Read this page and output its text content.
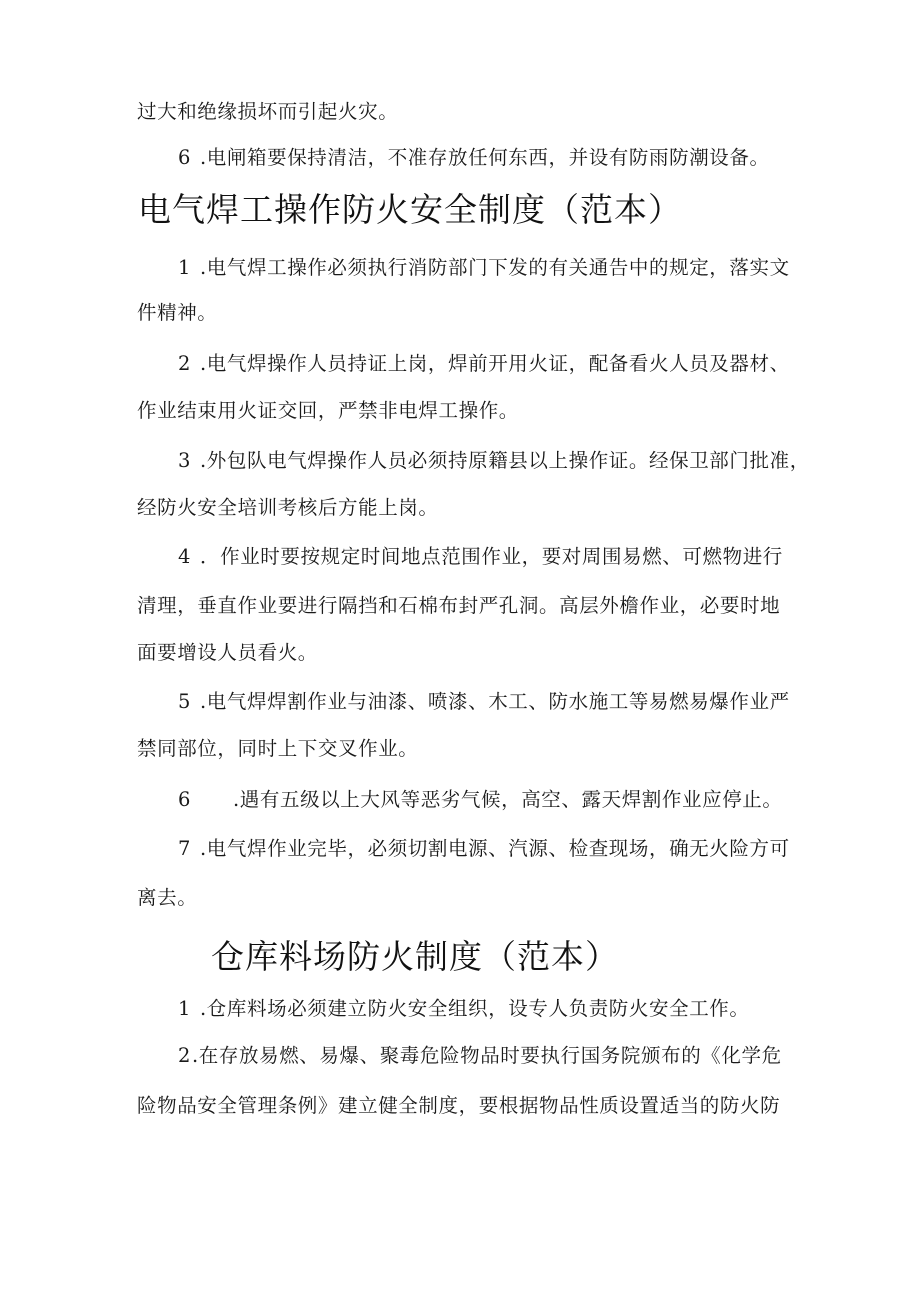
过大和绝缘损坏而引起火灾。
6 .电闸箱要保持清洁，不准存放任何东西，并设有防雨防潮设备。
电气焊工操作防火安全制度（范本）
1 .电气焊工操作必须执行消防部门下发的有关通告中的规定，落实文
件精神。
2 .电气焊操作人员持证上岗，焊前开用火证，配备看火人员及器材、
作业结束用火证交回，严禁非电焊工操作。
3 .外包队电气焊操作人员必须持原籍县以上操作证。经保卫部门批准，
经防火安全培训考核后方能上岗。
4 ．作业时要按规定时间地点范围作业，要对周围易燃、可燃物进行
清理，垂直作业要进行隔挡和石棉布封严孔洞。高层外檐作业，必要时地
面要增设人员看火。
5 .电气焊焊割作业与油漆、喷漆、木工、防水施工等易燃易爆作业严
禁同部位，同时上下交叉作业。
6 .遇有五级以上大风等恶劣气候，高空、露天焊割作业应停止。
7 .电气焊作业完毕，必须切割电源、汽源、检查现场，确无火险方可
离去。
仓库料场防火制度（范本）
1 .仓库料场必须建立防火安全组织，设专人负责防火安全工作。
2.在存放易燃、易爆、聚毒危险物品时要执行国务院颁布的《化学危
险物品安全管理条例》建立健全制度，要根据物品性质设置适当的防火防
